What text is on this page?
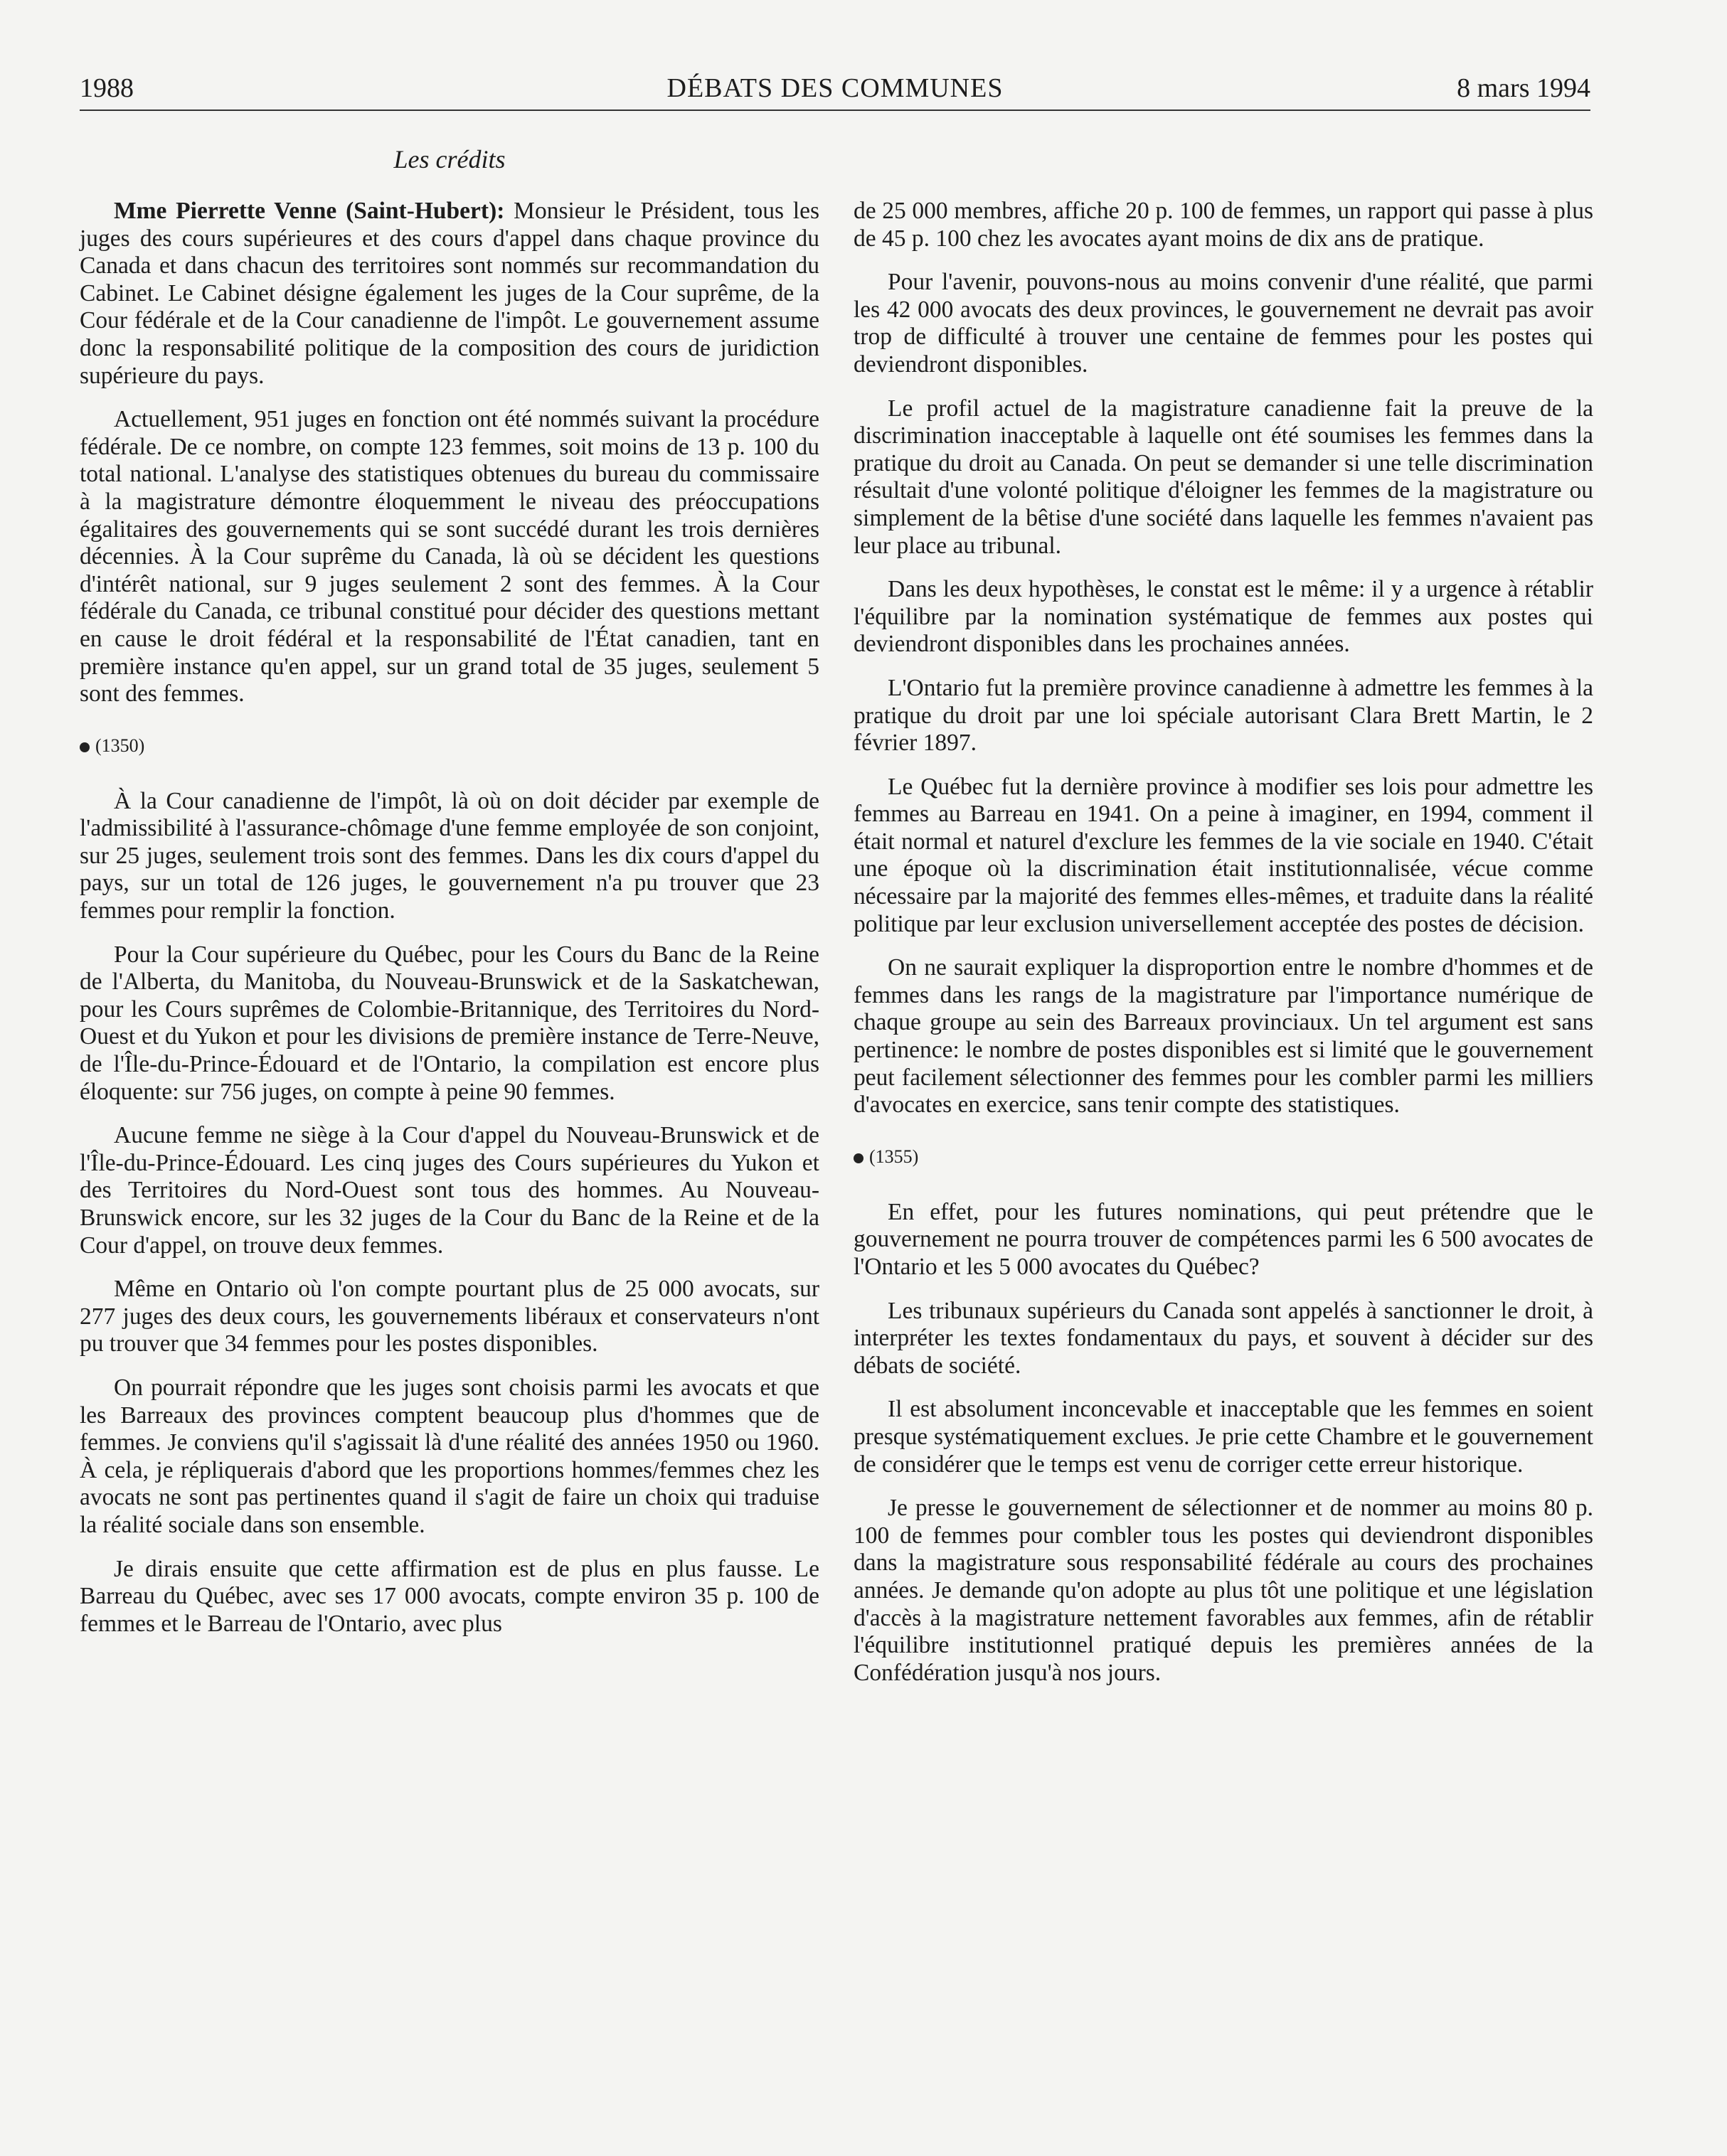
1988	DÉBATS DES COMMUNES	8 mars 1994
Les crédits

Mme Pierrette Venne (Saint-Hubert): Monsieur le Président, tous les juges des cours supérieures et des cours d'appel dans chaque province du Canada et dans chacun des territoires sont nommés sur recommandation du Cabinet. Le Cabinet désigne également les juges de la Cour suprême, de la Cour fédérale et de la Cour canadienne de l'impôt. Le gouvernement assume donc la responsabilité politique de la composition des cours de juridiction supérieure du pays.

Actuellement, 951 juges en fonction ont été nommés suivant la procédure fédérale. De ce nombre, on compte 123 femmes, soit moins de 13 p. 100 du total national. L'analyse des statistiques obtenues du bureau du commissaire à la magistrature démontre éloquemment le niveau des préoccupations égalitaires des gouvernements qui se sont succédé durant les trois dernières décennies. À la Cour suprême du Canada, là où se décident les questions d'intérêt national, sur 9 juges seulement 2 sont des femmes. À la Cour fédérale du Canada, ce tribunal constitué pour décider des questions mettant en cause le droit fédéral et la responsabilité de l'État canadien, tant en première instance qu'en appel, sur un grand total de 35 juges, seulement 5 sont des femmes.

(1350)

À la Cour canadienne de l'impôt, là où on doit décider par exemple de l'admissibilité à l'assurance-chômage d'une femme employée de son conjoint, sur 25 juges, seulement trois sont des femmes. Dans les dix cours d'appel du pays, sur un total de 126 juges, le gouvernement n'a pu trouver que 23 femmes pour remplir la fonction.

Pour la Cour supérieure du Québec, pour les Cours du Banc de la Reine de l'Alberta, du Manitoba, du Nouveau-Brunswick et de la Saskatchewan, pour les Cours suprêmes de Colombie-Britannique, des Territoires du Nord-Ouest et du Yukon et pour les divisions de première instance de Terre-Neuve, de l'Île-du-Prince-Édouard et de l'Ontario, la compilation est encore plus éloquente: sur 756 juges, on compte à peine 90 femmes.

Aucune femme ne siège à la Cour d'appel du Nouveau-Brunswick et de l'Île-du-Prince-Édouard. Les cinq juges des Cours supérieures du Yukon et des Territoires du Nord-Ouest sont tous des hommes. Au Nouveau-Brunswick encore, sur les 32 juges de la Cour du Banc de la Reine et de la Cour d'appel, on trouve deux femmes.

Même en Ontario où l'on compte pourtant plus de 25 000 avocats, sur 277 juges des deux cours, les gouvernements libéraux et conservateurs n'ont pu trouver que 34 femmes pour les postes disponibles.

On pourrait répondre que les juges sont choisis parmi les avocats et que les Barreaux des provinces comptent beaucoup plus d'hommes que de femmes. Je conviens qu'il s'agissait là d'une réalité des années 1950 ou 1960. À cela, je répliquerais d'abord que les proportions hommes/femmes chez les avocats ne sont pas pertinentes quand il s'agit de faire un choix qui traduise la réalité sociale dans son ensemble.

Je dirais ensuite que cette affirmation est de plus en plus fausse. Le Barreau du Québec, avec ses 17 000 avocats, compte environ 35 p. 100 de femmes et le Barreau de l'Ontario, avec plus

de 25 000 membres, affiche 20 p. 100 de femmes, un rapport qui passe à plus de 45 p. 100 chez les avocates ayant moins de dix ans de pratique.

Pour l'avenir, pouvons-nous au moins convenir d'une réalité, que parmi les 42 000 avocats des deux provinces, le gouvernement ne devrait pas avoir trop de difficulté à trouver une centaine de femmes pour les postes qui deviendront disponibles.

Le profil actuel de la magistrature canadienne fait la preuve de la discrimination inacceptable à laquelle ont été soumises les femmes dans la pratique du droit au Canada. On peut se demander si une telle discrimination résultait d'une volonté politique d'éloigner les femmes de la magistrature ou simplement de la bêtise d'une société dans laquelle les femmes n'avaient pas leur place au tribunal.

Dans les deux hypothèses, le constat est le même: il y a urgence à rétablir l'équilibre par la nomination systématique de femmes aux postes qui deviendront disponibles dans les prochaines années.

L'Ontario fut la première province canadienne à admettre les femmes à la pratique du droit par une loi spéciale autorisant Clara Brett Martin, le 2 février 1897.

Le Québec fut la dernière province à modifier ses lois pour admettre les femmes au Barreau en 1941. On a peine à imaginer, en 1994, comment il était normal et naturel d'exclure les femmes de la vie sociale en 1940. C'était une époque où la discrimination était institutionnalisée, vécue comme nécessaire par la majorité des femmes elles-mêmes, et traduite dans la réalité politique par leur exclusion universellement acceptée des postes de décision.

On ne saurait expliquer la disproportion entre le nombre d'hommes et de femmes dans les rangs de la magistrature par l'importance numérique de chaque groupe au sein des Barreaux provinciaux. Un tel argument est sans pertinence: le nombre de postes disponibles est si limité que le gouvernement peut facilement sélectionner des femmes pour les combler parmi les milliers d'avocates en exercice, sans tenir compte des statistiques.

(1355)

En effet, pour les futures nominations, qui peut prétendre que le gouvernement ne pourra trouver de compétences parmi les 6 500 avocates de l'Ontario et les 5 000 avocates du Québec?

Les tribunaux supérieurs du Canada sont appelés à sanctionner le droit, à interpréter les textes fondamentaux du pays, et souvent à décider sur des débats de société.

Il est absolument inconcevable et inacceptable que les femmes en soient presque systématiquement exclues. Je prie cette Chambre et le gouvernement de considérer que le temps est venu de corriger cette erreur historique.

Je presse le gouvernement de sélectionner et de nommer au moins 80 p. 100 de femmes pour combler tous les postes qui deviendront disponibles dans la magistrature sous responsabilité fédérale au cours des prochaines années. Je demande qu'on adopte au plus tôt une politique et une législation d'accès à la magistrature nettement favorables aux femmes, afin de rétablir l'équilibre institutionnel pratiqué depuis les premières années de la Confédération jusqu'à nos jours.
